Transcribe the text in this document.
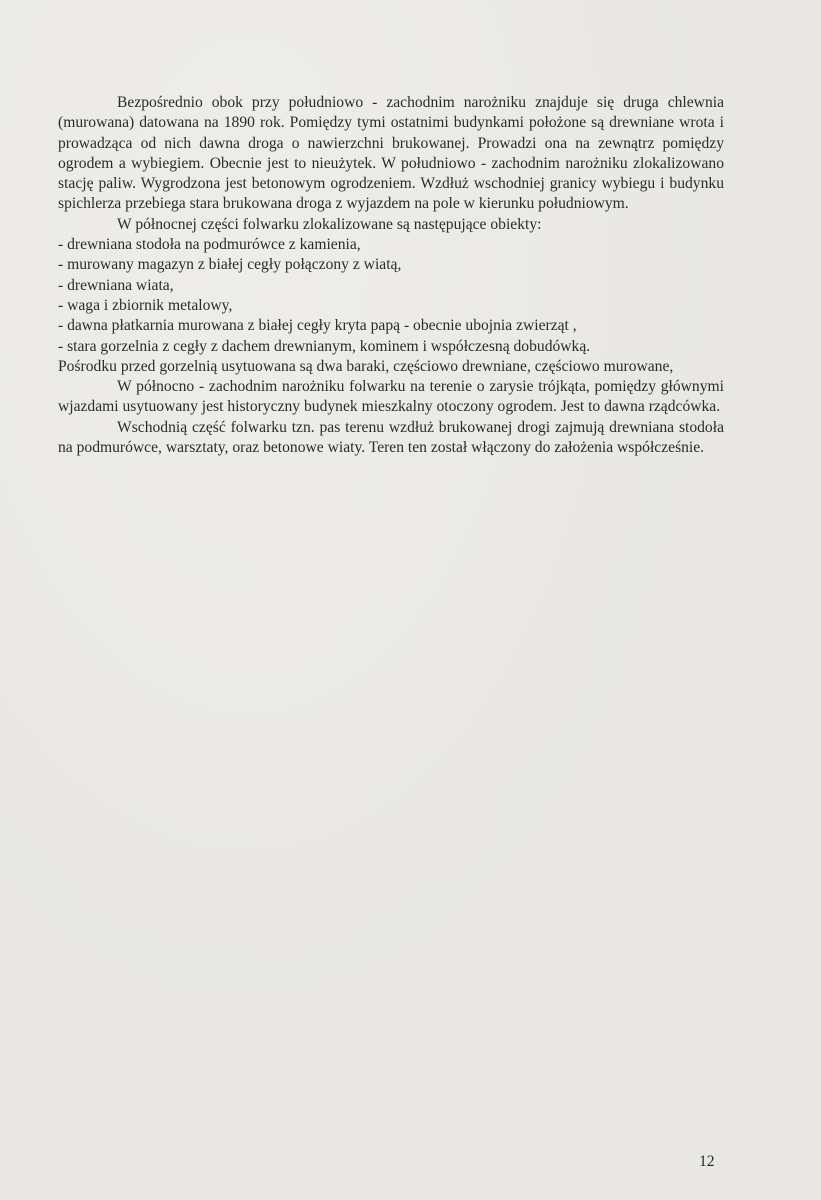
Bezpośrednio obok przy południowo - zachodnim narożniku znajduje się druga chlewnia (murowana) datowana na 1890 rok. Pomiędzy tymi ostatnimi budynkami położone są drewniane wrota i prowadząca od nich dawna droga o nawierzchni brukowanej. Prowadzi ona na zewnątrz pomiędzy ogrodem a wybiegiem. Obecnie jest to nieużytek. W południowo - zachodnim narożniku zlokalizowano stację paliw. Wygrodzona jest betonowym ogrodzeniem. Wzdłuż wschodniej granicy wybiegu i budynku spichlerza przebiega stara brukowana droga z wyjazdem na pole w kierunku południowym.

W północnej części folwarku zlokalizowane są następujące obiekty:

- drewniana stodoła na podmurówce z kamienia,

- murowany magazyn z białej cegły połączony z wiatą,

- drewniana wiata,

- waga i zbiornik metalowy,

- dawna płatkarnia murowana z białej cegły kryta papą - obecnie ubojnia zwierząt ,

- stara gorzelnia z cegły z dachem drewnianym, kominem i współczesną dobudówką.

Pośrodku przed gorzelnią usytuowana są dwa baraki, częściowo drewniane, częściowo murowane,

W północno - zachodnim narożniku folwarku na terenie o zarysie trójkąta, pomiędzy głównymi wjazdami usytuowany jest historyczny budynek mieszkalny otoczony ogrodem. Jest to dawna rządcówka.

Wschodnią część folwarku tzn. pas terenu wzdłuż brukowanej drogi zajmują drewniana stodoła na podmurówce, warsztaty, oraz betonowe wiaty. Teren ten został włączony do założenia współcześnie.

12
